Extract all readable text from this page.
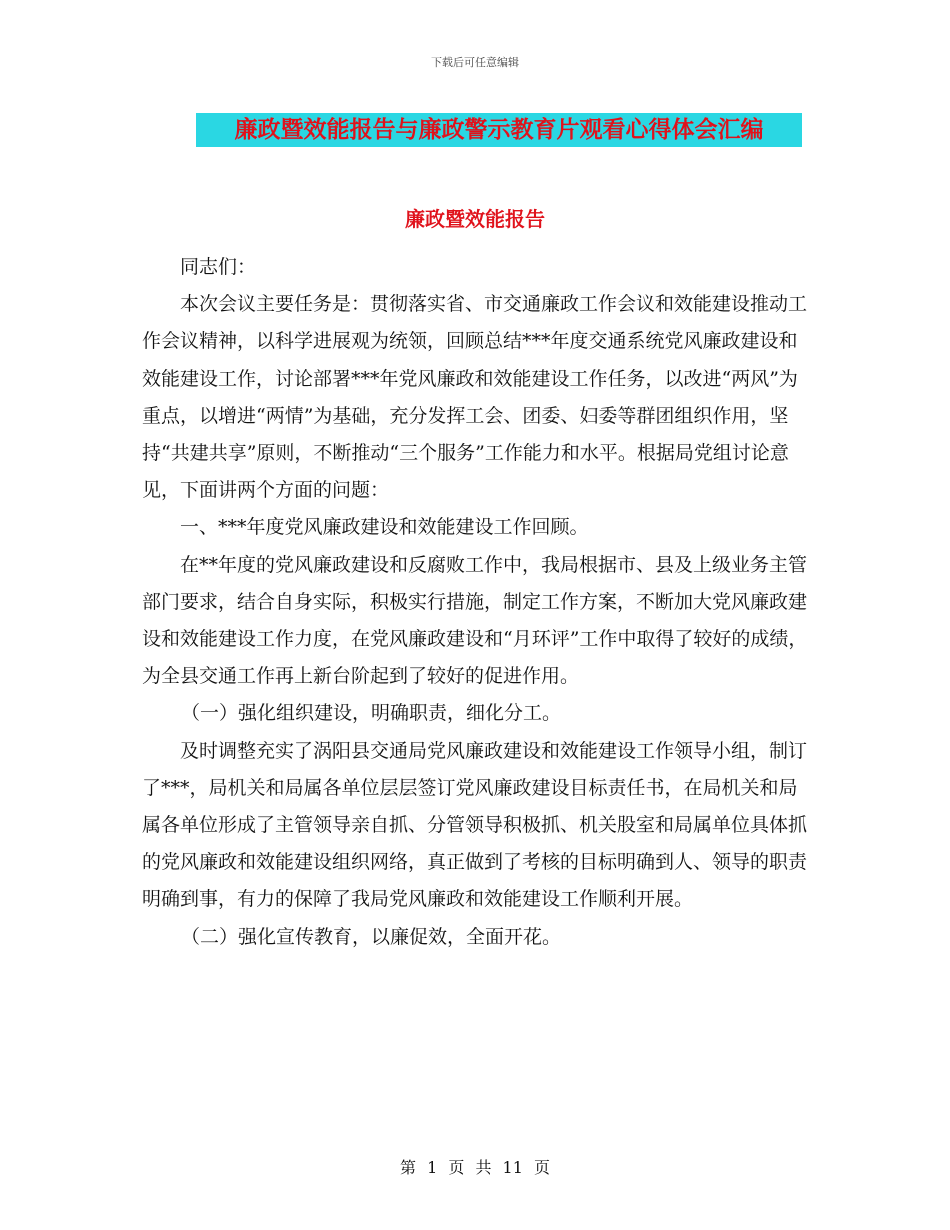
下载后可任意编辑
廉政暨效能报告与廉政警示教育片观看心得体会汇编
廉政暨效能报告

同志们：

本次会议主要任务是：贯彻落实省、市交通廉政工作会议和效能建设推动工作会议精神，以科学进展观为统领，回顾总结***年度交通系统党风廉政建设和效能建设工作，讨论部署***年党风廉政和效能建设工作任务，以改进“两风”为重点，以增进“两情”为基础，充分发挥工会、团委、妇委等群团组织作用，坚持“共建共享”原则，不断推动“三个服务”工作能力和水平。根据局党组讨论意见，下面讲两个方面的问题：

一、***年度党风廉政建设和效能建设工作回顾。

在**年度的党风廉政建设和反腐败工作中，我局根据市、县及上级业务主管部门要求，结合自身实际，积极实行措施，制定工作方案，不断加大党风廉政建设和效能建设工作力度，在党风廉政建设和“月环评”工作中取得了较好的成绩，为全县交通工作再上新台阶起到了较好的促进作用。

（一）强化组织建设，明确职责，细化分工。

及时调整充实了涡阳县交通局党风廉政建设和效能建设工作领导小组，制订了***，局机关和局属各单位层层签订党风廉政建设目标责任书，在局机关和局属各单位形成了主管领导亲自抓、分管领导积极抓、机关股室和局属单位具体抓的党风廉政和效能建设组织网络，真正做到了考核的目标明确到人、领导的职责明确到事，有力的保障了我局党风廉政和效能建设工作顺利开展。

（二）强化宣传教育，以廉促效，全面开花。

第 1 页 共 11 页
